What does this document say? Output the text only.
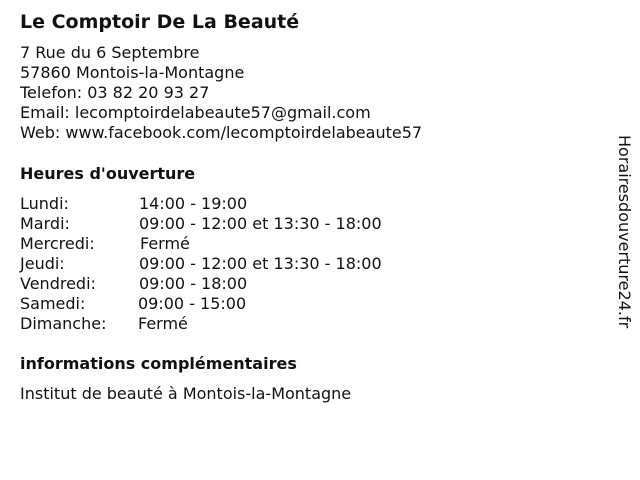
Le Comptoir De La Beauté
7 Rue du 6 Septembre
57860 Montois-la-Montagne
Telefon: 03 82 20 93 27
Email: lecomptoirdelabeaute57@gmail.com
Web: www.facebook.com/lecomptoirdelabeaute57
Heures d'ouverture
Lundi:	14:00 - 19:00
Mardi:	09:00 - 12:00 et 13:30 - 18:00
Mercredi:	Fermé
Jeudi:	09:00 - 12:00 et 13:30 - 18:00
Vendredi:	09:00 - 18:00
Samedi:	09:00 - 15:00
Dimanche: Fermé
informations complémentaires
Institut de beauté à Montois-la-Montagne
Horairesdouverture24.fr
